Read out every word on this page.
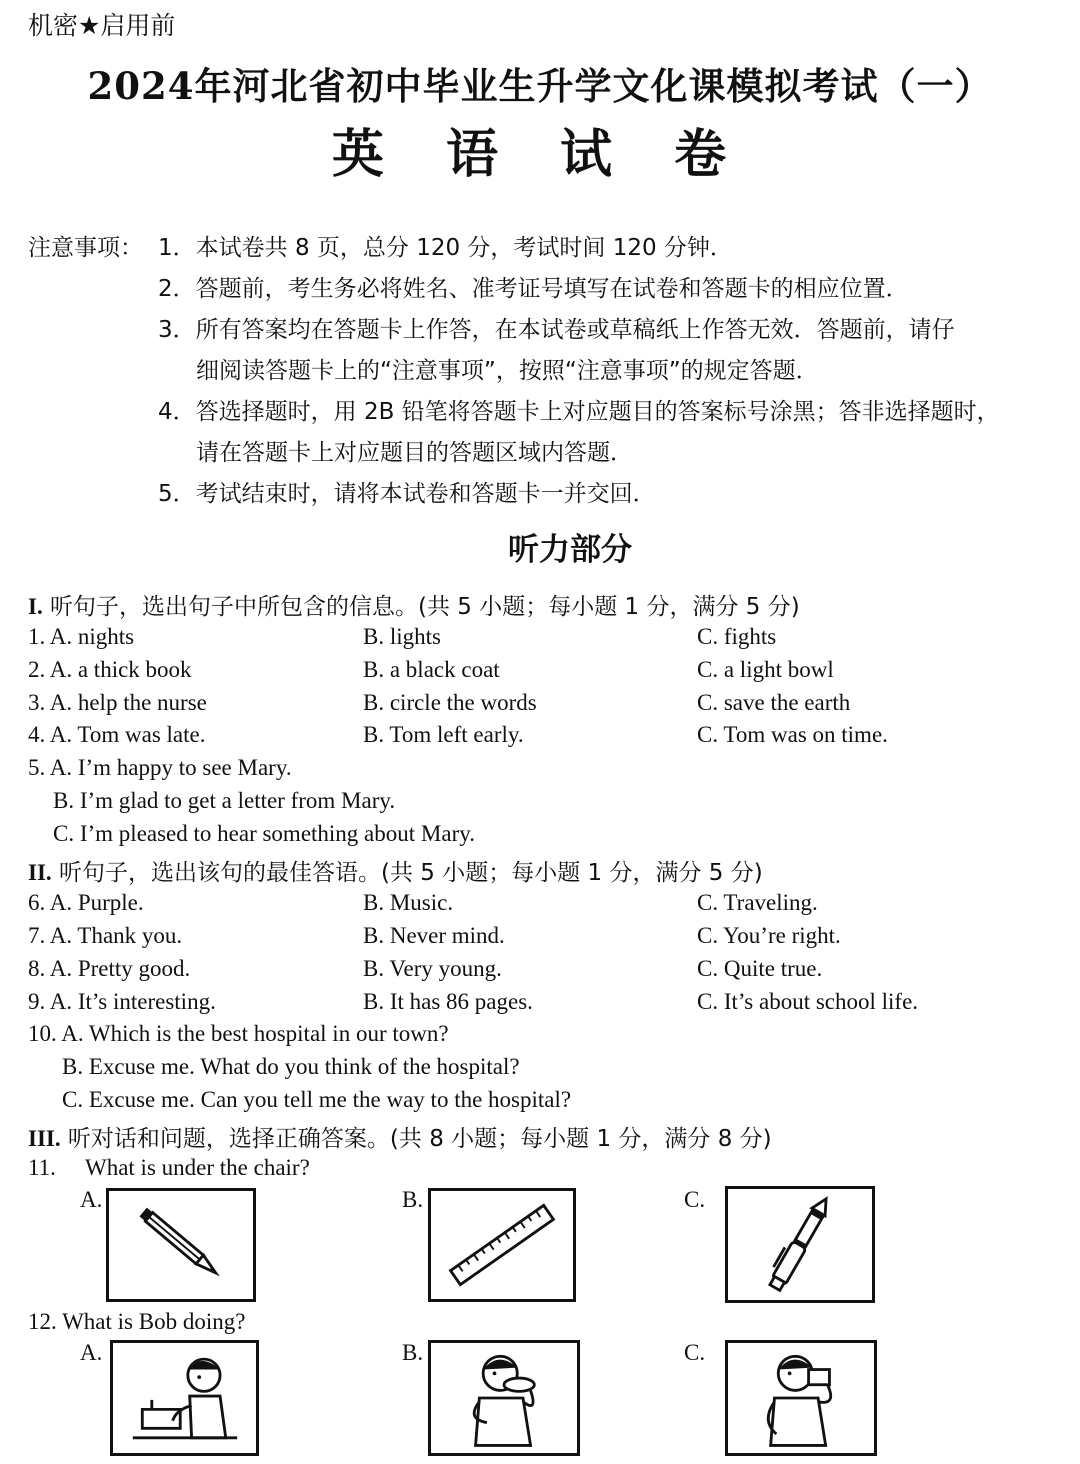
机密★启用前
2024年河北省初中毕业生升学文化课模拟考试（一）
英 语 试 卷
注意事项： 1．本试卷共 8 页，总分 120 分，考试时间 120 分钟．
2．答题前，考生务必将姓名、准考证号填写在试卷和答题卡的相应位置．
3．所有答案均在答题卡上作答，在本试卷或草稿纸上作答无效．答题前，请仔
细阅读答题卡上的“注意事项”，按照“注意事项”的规定答题．
4．答选择题时，用 2B 铅笔将答题卡上对应题目的答案标号涂黑；答非选择题时，
请在答题卡上对应题目的答题区域内答题．
5．考试结束时，请将本试卷和答题卡一并交回．
听力部分
I. 听句子，选出句子中所包含的信息。(共 5 小题；每小题 1 分，满分 5 分)
1. A. nights	B. lights	C. fights
2. A. a thick book	B. a black coat	C. a light bowl
3. A. help the nurse	B. circle the words	C. save the earth
4. A. Tom was late.	B. Tom left early.	C. Tom was on time.
5. A. I’m happy to see Mary.
B. I’m glad to get a letter from Mary.
C. I’m pleased to hear something about Mary.
II. 听句子，选出该句的最佳答语。(共 5 小题；每小题 1 分，满分 5 分)
6. A. Purple.	B. Music.	C. Traveling.
7. A. Thank you.	B. Never mind.	C. You’re right.
8. A. Pretty good.	B. Very young.	C. Quite true.
9. A. It’s interesting.	B. It has 86 pages.	C. It’s about school life.
10. A. Which is the best hospital in our town?
B. Excuse me. What do you think of the hospital?
C. Excuse me. Can you tell me the way to the hospital?
III. 听对话和问题，选择正确答案。(共 8 小题；每小题 1 分，满分 8 分)
11. What is under the chair?
A.	B.	C.
12. What is Bob doing?
A.	B.	C.
